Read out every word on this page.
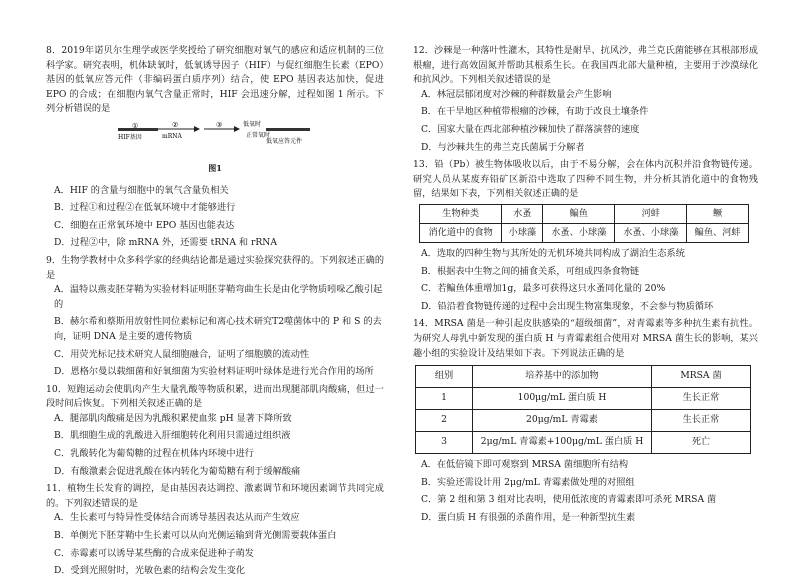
8．2019年诺贝尔生理学或医学奖授给了研究细胞对氧气的感应和适应机制的三位科学家。研究表明，机体缺氧时，低氧诱导因子（HIF）与促红细胞生长素（EPO）基因的低氧应答元件（非编码蛋白质序列）结合，使 EPO 基因表达加快，促进 EPO 的合成；在细胞内氧气含量正常时，HIF 会迅速分解，过程如图 1 所示。下列分析错误的是

①	②
mRNA
③	低氧时
正常氧时
低氧应答元件
HIF基因
图1

A．HIF 的含量与细胞中的氧气含量负相关

B．过程①和过程②在低氧环境中才能够进行

C．细胞在正常氧环境中 EPO 基因也能表达

D．过程②中，除 mRNA 外，还需要 tRNA 和 rRNA

9．生物学教材中众多科学家的经典结论都是通过实验探究获得的。下列叙述正确的是

A．温特以燕麦胚芽鞘为实验材料证明胚芽鞘弯曲生长是由化学物质吲哚乙酸引起的

B．赫尔希和蔡斯用放射性同位素标记和离心技术研究T2噬菌体中的 P 和 S 的去向，证明 DNA 是主要的遗传物质

C．用荧光标记技术研究人鼠细胞融合，证明了细胞膜的流动性

D．恩格尔曼以载细菌和好氧细菌为实验材料证明叶绿体是进行光合作用的场所

10．短跑运动会使肌肉产生大量乳酸等物质积累，进而出现腿部肌肉酸痛，但过一段时间后恢复。下列相关叙述正确的是

A．腿部肌肉酸痛是因为乳酸积累使血浆 pH 显著下降所致

B．肌细胞生成的乳酸进入肝细胞转化利用只需通过组织液

C．乳酸转化为葡萄糖的过程在机体内环境中进行

D．有酸激素会促进乳酸在体内转化为葡萄糖有利于缓解酸痛

11．植物生长发育的调控，是由基因表达调控、激素调节和环境因素调节共同完成的。下列叙述错误的是

A．生长素可与特异性受体结合而诱导基因表达从而产生效应

B．单侧光下胚芽鞘中生长素可以从向光侧运输到背光侧需要载体蛋白

C．赤霉素可以诱导某些酶的合成来促进种子萌发

D．受到光照射时，光敏色素的结构会发生变化

12．沙棘是一种落叶性灌木，其特性是耐旱、抗风沙，弗兰克氏菌能够在其根部形成根瘤，进行高效固氮并帮助其根系生长。在我国西北部大量种植，主要用于沙漠绿化和抗风沙。下列相关叙述错误的是

A．林冠层郁闭度对沙棘的种群数量会产生影响

B．在干旱地区种植带根瘤的沙棘，有助于改良土壤条件

C．国家大量在西北部种植沙棘加快了群落演替的速度

D．与沙棘共生的弗兰克氏菌属于分解者

13．铅（Pb）被生物体吸收以后，由于不易分解，会在体内沉积并沿食物链传递。研究人员从某废弃铅矿区新沿中选取了四种不同生物，并分析其消化道中的食物残留，结果如下表，下列相关叙述正确的是

生物种类	水蚤	鳊鱼	河蚌	鳜
消化道中的食物	小球藻	水蚤、小球藻	水蚤、小球藻	鳊鱼、河蚌

A．选取的四种生物与其所处的无机环境共同构成了湖泊生态系统

B．根据表中生物之间的捕食关系，可组成四条食物链

C．若鳊鱼体重增加1g，最多可获得这只水蚤同化量的 20%

D．铅沿着食物链传递的过程中会出现生物富集现象，不会参与物质循环

14．MRSA 菌是一种引起皮肤感染的“超级细菌”，对青霉素等多种抗生素有抗性。为研究人母乳中新发现的蛋白质 H 与青霉素组合使用对 MRSA 菌生长的影响，某兴趣小组的实验设计及结果如下表。下列说法正确的是

组别	培养基中的添加物	MRSA 菌
1	100μg/mL 蛋白质 H	生长正常
2	20μg/mL 青霉素	生长正常
3	2μg/mL 青霉素+100μg/mL 蛋白质 H	死亡

A．在低倍镜下即可观察到 MRSA 菌细胞所有结构

B．实验还需设计用 2μg/mL 青霉素做处理的对照组

C．第 2 组和第 3 组对比表明，使用低浓度的青霉素即可杀死 MRSA 菌

D．蛋白质 H 有很强的杀菌作用，是一种新型抗生素
